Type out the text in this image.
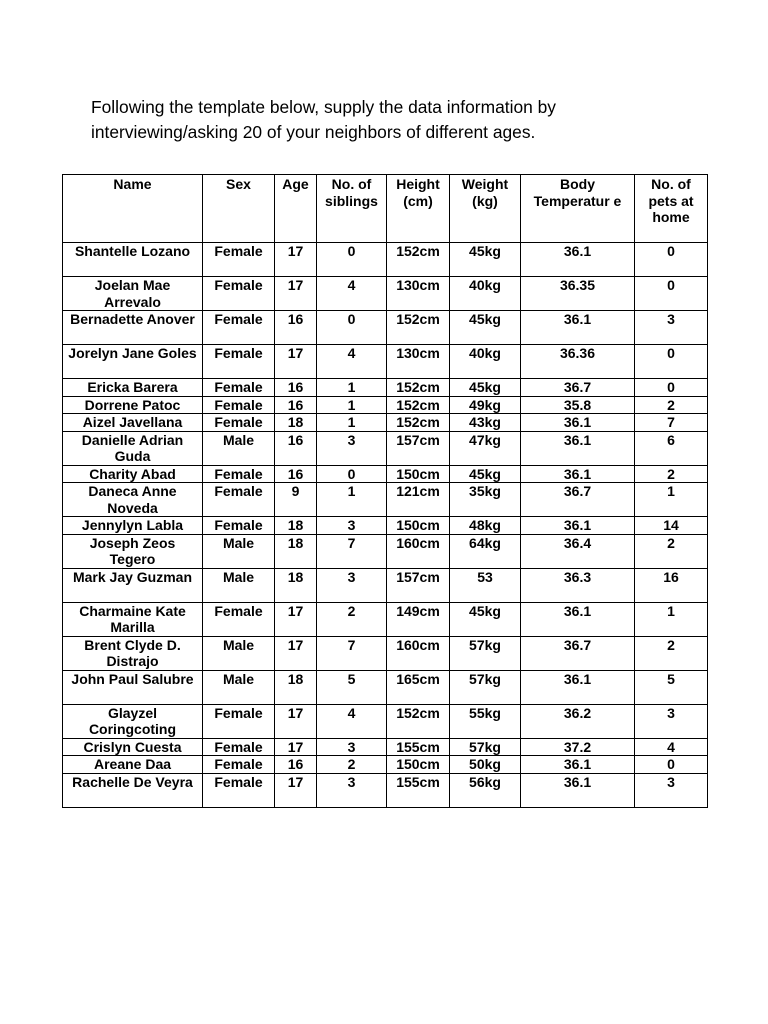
Following the template below, supply the data information by
interviewing/asking 20 of your neighbors of different ages.

Name	Sex	Age	No. of siblings	Height (cm)	Weight (kg)	Body Temperatur e	No. of pets at home
Shantelle Lozano	Female	17	0	152cm	45kg	36.1	0
Joelan Mae Arrevalo	Female	17	4	130cm	40kg	36.35	0
Bernadette Anover	Female	16	0	152cm	45kg	36.1	3
Jorelyn Jane Goles	Female	17	4	130cm	40kg	36.36	0
Ericka Barera	Female	16	1	152cm	45kg	36.7	0
Dorrene Patoc	Female	16	1	152cm	49kg	35.8	2
Aizel Javellana	Female	18	1	152cm	43kg	36.1	7
Danielle Adrian Guda	Male	16	3	157cm	47kg	36.1	6
Charity Abad	Female	16	0	150cm	45kg	36.1	2
Daneca Anne Noveda	Female	9	1	121cm	35kg	36.7	1
Jennylyn Labla	Female	18	3	150cm	48kg	36.1	14
Joseph Zeos Tegero	Male	18	7	160cm	64kg	36.4	2
Mark Jay Guzman	Male	18	3	157cm	53	36.3	16
Charmaine Kate Marilla	Female	17	2	149cm	45kg	36.1	1
Brent Clyde D. Distrajo	Male	17	7	160cm	57kg	36.7	2
John Paul Salubre	Male	18	5	165cm	57kg	36.1	5
Glayzel Coringcoting	Female	17	4	152cm	55kg	36.2	3
Crislyn Cuesta	Female	17	3	155cm	57kg	37.2	4
Areane Daa	Female	16	2	150cm	50kg	36.1	0
Rachelle De Veyra	Female	17	3	155cm	56kg	36.1	3
